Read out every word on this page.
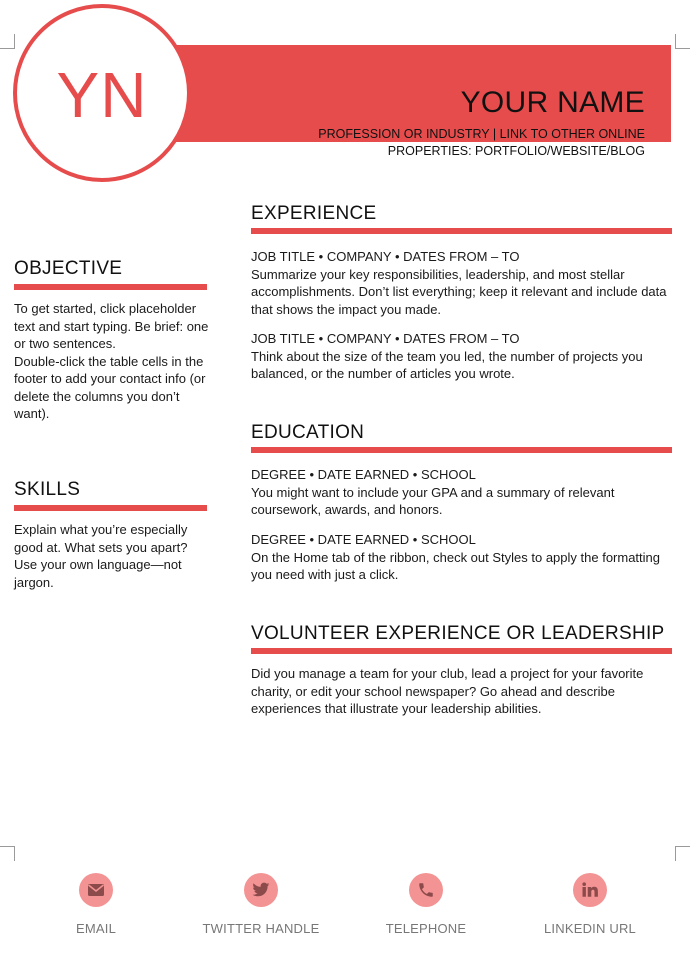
YN	YOUR NAME
PROFESSION OR INDUSTRY | LINK TO OTHER ONLINE PROPERTIES: PORTFOLIO/WEBSITE/BLOG
OBJECTIVE
To get started, click placeholder text and start typing. Be brief: one or two sentences.
Double-click the table cells in the footer to add your contact info (or delete the columns you don’t want).
SKILLS
Explain what you’re especially good at. What sets you apart? Use your own language—not jargon.
EXPERIENCE
JOB TITLE • COMPANY • DATES FROM – TO
Summarize your key responsibilities, leadership, and most stellar accomplishments. Don’t list everything; keep it relevant and include data that shows the impact you made.
JOB TITLE • COMPANY • DATES FROM – TO
Think about the size of the team you led, the number of projects you balanced, or the number of articles you wrote.
EDUCATION
DEGREE • DATE EARNED • SCHOOL
You might want to include your GPA and a summary of relevant coursework, awards, and honors.
DEGREE • DATE EARNED • SCHOOL
On the Home tab of the ribbon, check out Styles to apply the formatting you need with just a click.
VOLUNTEER EXPERIENCE OR LEADERSHIP
Did you manage a team for your club, lead a project for your favorite charity, or edit your school newspaper? Go ahead and describe experiences that illustrate your leadership abilities.
EMAIL	TWITTER HANDLE	TELEPHONE	LINKEDIN URL
